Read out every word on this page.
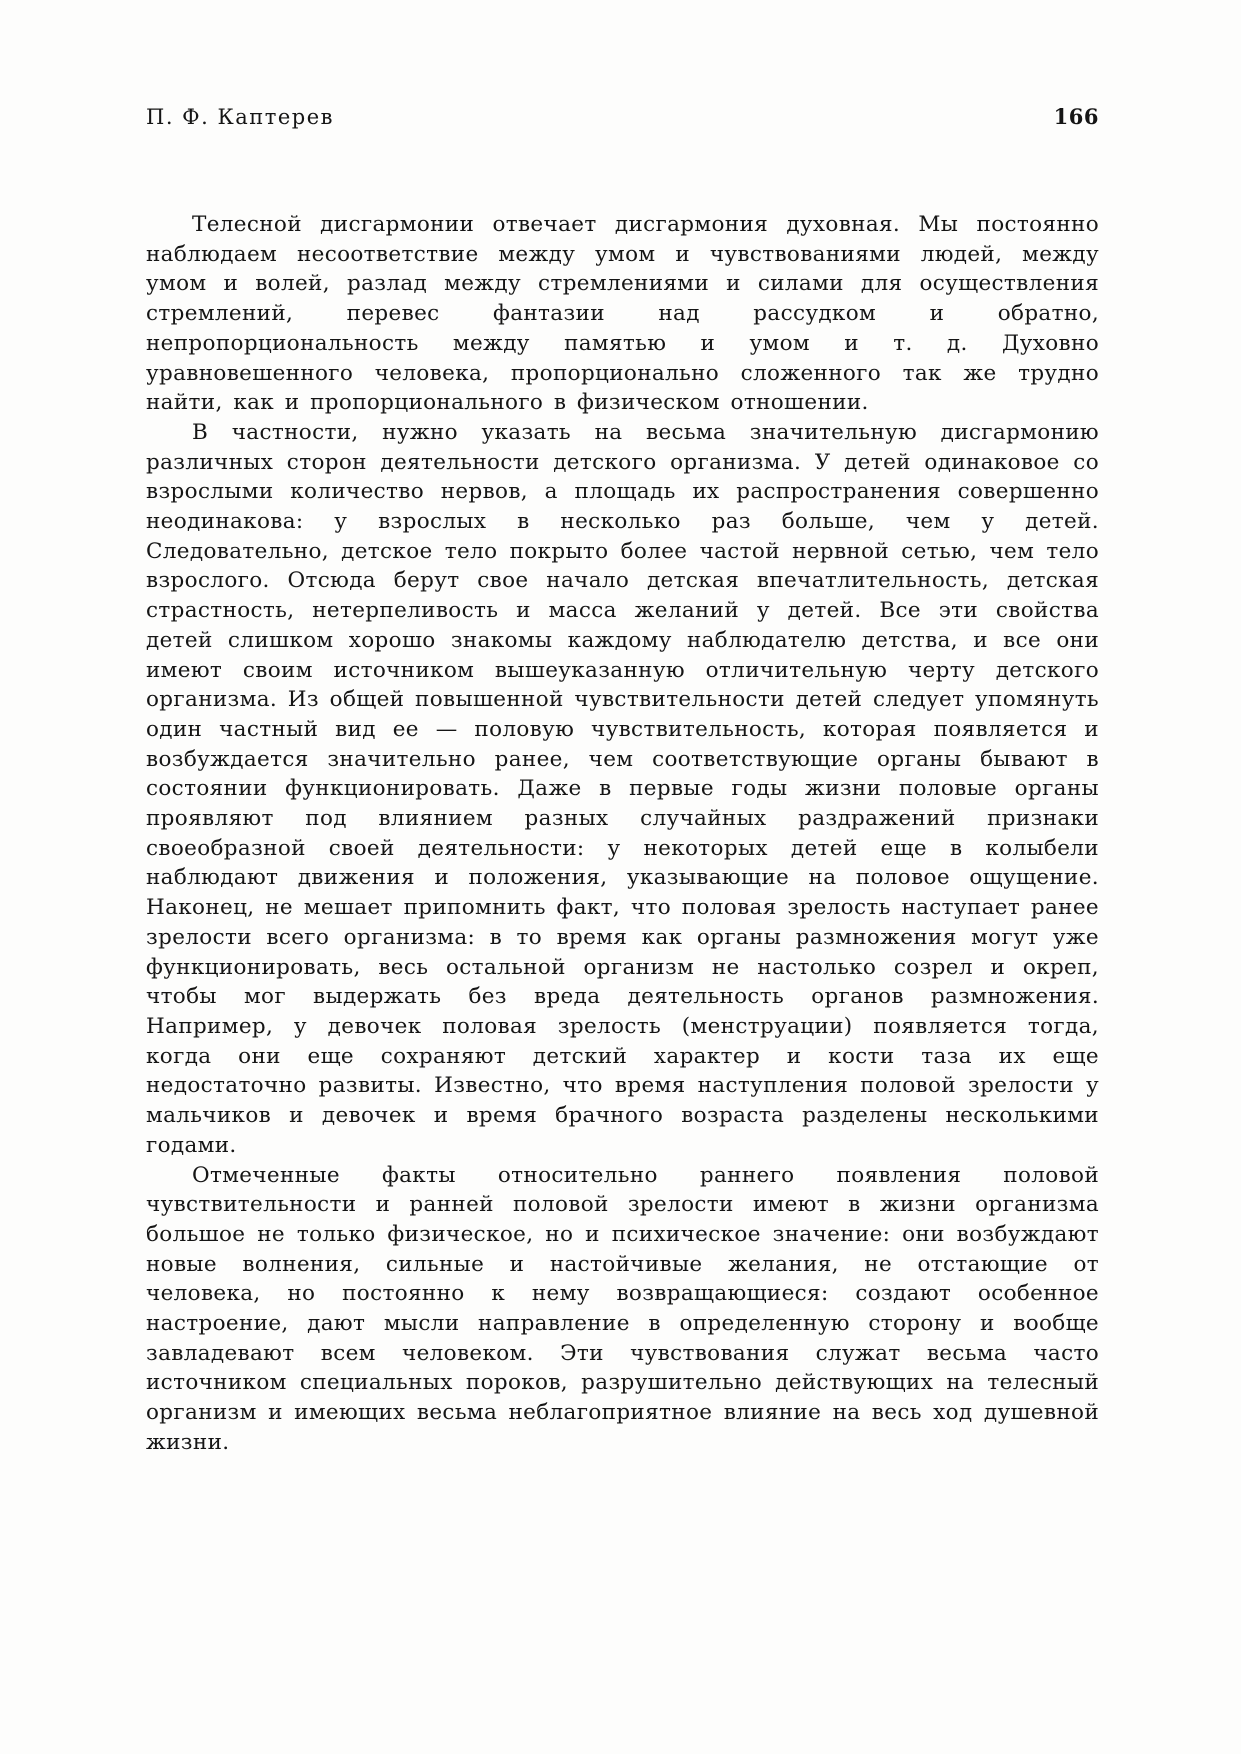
П. Ф. Каптерев	166

Телесной дисгармонии отвечает дисгармония духовная. Мы постоянно наблюдаем несоответствие между умом и чувствованиями людей, между умом и волей, разлад между стремлениями и силами для осуществления стремлений, перевес фантазии над рассудком и обратно, непропорциональность между памятью и умом и т. д. Духовно уравновешенного человека, пропорционально сложенного так же трудно найти, как и пропорционального в физическом отношении.

В частности, нужно указать на весьма значительную дисгармонию различных сторон деятельности детского организма. У детей одинаковое со взрослыми количество нервов, а площадь их распространения совершенно неодинакова: у взрослых в несколько раз больше, чем у детей. Следовательно, детское тело покрыто более частой нервной сетью, чем тело взрослого. Отсюда берут свое начало детская впечатлительность, детская страстность, нетерпеливость и масса желаний у детей. Все эти свойства детей слишком хорошо знакомы каждому наблюдателю детства, и все они имеют своим источником вышеуказанную отличительную черту детского организма. Из общей повышенной чувствительности детей следует упомянуть один частный вид ее — половую чувствительность, которая появляется и возбуждается значительно ранее, чем соответствующие органы бывают в состоянии функционировать. Даже в первые годы жизни половые органы проявляют под влиянием разных случайных раздражений признаки своеобразной своей деятельности: у некоторых детей еще в колыбели наблюдают движения и положения, указывающие на половое ощущение. Наконец, не мешает припомнить факт, что половая зрелость наступает ранее зрелости всего организма: в то время как органы размножения могут уже функционировать, весь остальной организм не настолько созрел и окреп, чтобы мог выдержать без вреда деятельность органов размножения. Например, у девочек половая зрелость (менструации) появляется тогда, когда они еще сохраняют детский характер и кости таза их еще недостаточно развиты. Известно, что время наступления половой зрелости у мальчиков и девочек и время брачного возраста разделены несколькими годами.

Отмеченные факты относительно раннего появления половой чувствительности и ранней половой зрелости имеют в жизни организма большое не только физическое, но и психическое значение: они возбуждают новые волнения, сильные и настойчивые желания, не отстающие от человека, но постоянно к нему возвращающиеся: создают особенное настроение, дают мысли направление в определенную сторону и вообще завладевают всем человеком. Эти чувствования служат весьма часто источником специальных пороков, разрушительно действующих на телесный организм и имеющих весьма неблагоприятное влияние на весь ход душевной жизни.
